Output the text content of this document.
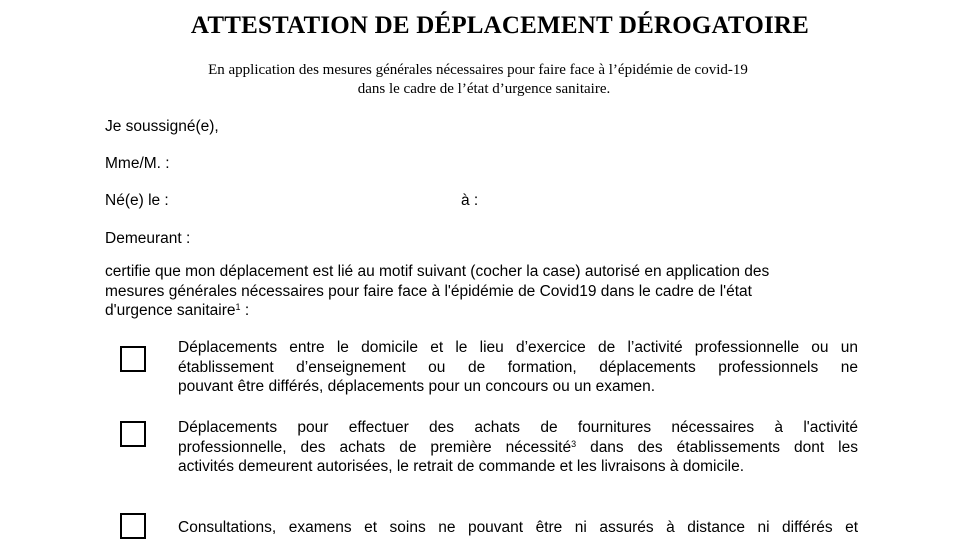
ATTESTATION DE DÉPLACEMENT DÉROGATOIRE

En application des mesures générales nécessaires pour faire face à l’épidémie de covid-19

dans le cadre de l’état d’urgence sanitaire.

Je soussigné(e),

Mme/M. :

Né(e) le :	à :

Demeurant :

certifie que mon déplacement est lié au motif suivant (cocher la case) autorisé en application des
mesures générales nécessaires pour faire face à l'épidémie de Covid19 dans le cadre de l'état
d'urgence sanitaire$^1$ :

Déplacements entre le domicile et le lieu d’exercice de l’activité professionnelle ou un
établissement d’enseignement ou de formation, déplacements professionnels ne
pouvant être différés, déplacements pour un concours ou un examen.

Déplacements pour effectuer des achats de fournitures nécessaires à l'activité
professionnelle, des achats de première nécessité$^3$ dans des établissements dont les
activités demeurent autorisées, le retrait de commande et les livraisons à domicile.

Consultations, examens et soins ne pouvant être ni assurés à distance ni différés et
